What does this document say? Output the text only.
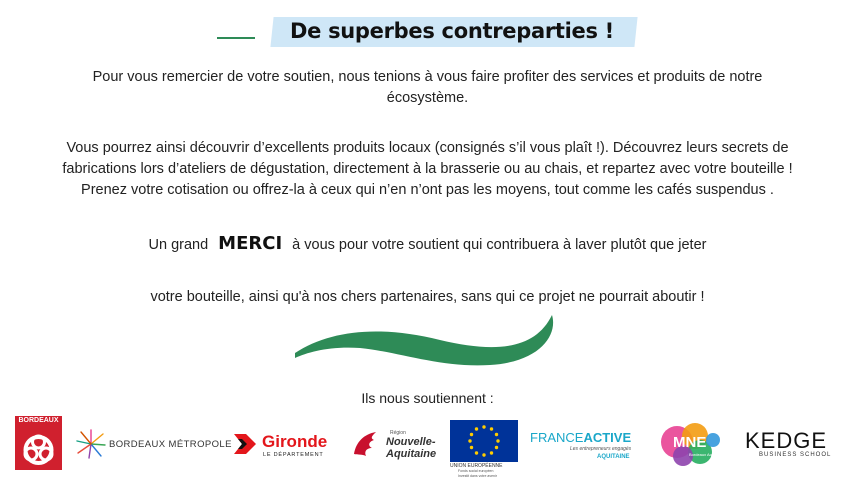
De superbes contreparties !
Pour vous remercier de votre soutien, nous tenions à vous faire profiter des services et produits de notre
écosystème.
Vous pourrez ainsi découvrir d’excellents produits locaux (consignés s’il vous plaît !). Découvrez leurs secrets de
fabrications lors d’ateliers de dégustation, directement à la brasserie ou au chais, et repartez avec votre bouteille !
Prenez votre cotisation ou offrez-la à ceux qui n’en n’ont pas les moyens, tout comme les cafés suspendus .
Un grand MERCI à vous pour votre soutient qui contribuera à laver plutôt que jeter
votre bouteille, ainsi qu'à nos chers partenaires, sans qui ce projet ne pourrait aboutir !
Ils nous soutiennent :
BORDEAUX
BORDEAUX MÉTROPOLE Gironde
LE DÉPARTEMENT
Région
Nouvelle-
Aquitaine
UNION EUROPÉENNE
Fonds social européen
Investit dans votre avenir
FRANCEACTIVE
Les entrepreneurs engagés
AQUITAINE
MNE
Bordeaux Aquitaine
KEDGE
BUSINESS SCHOOL
